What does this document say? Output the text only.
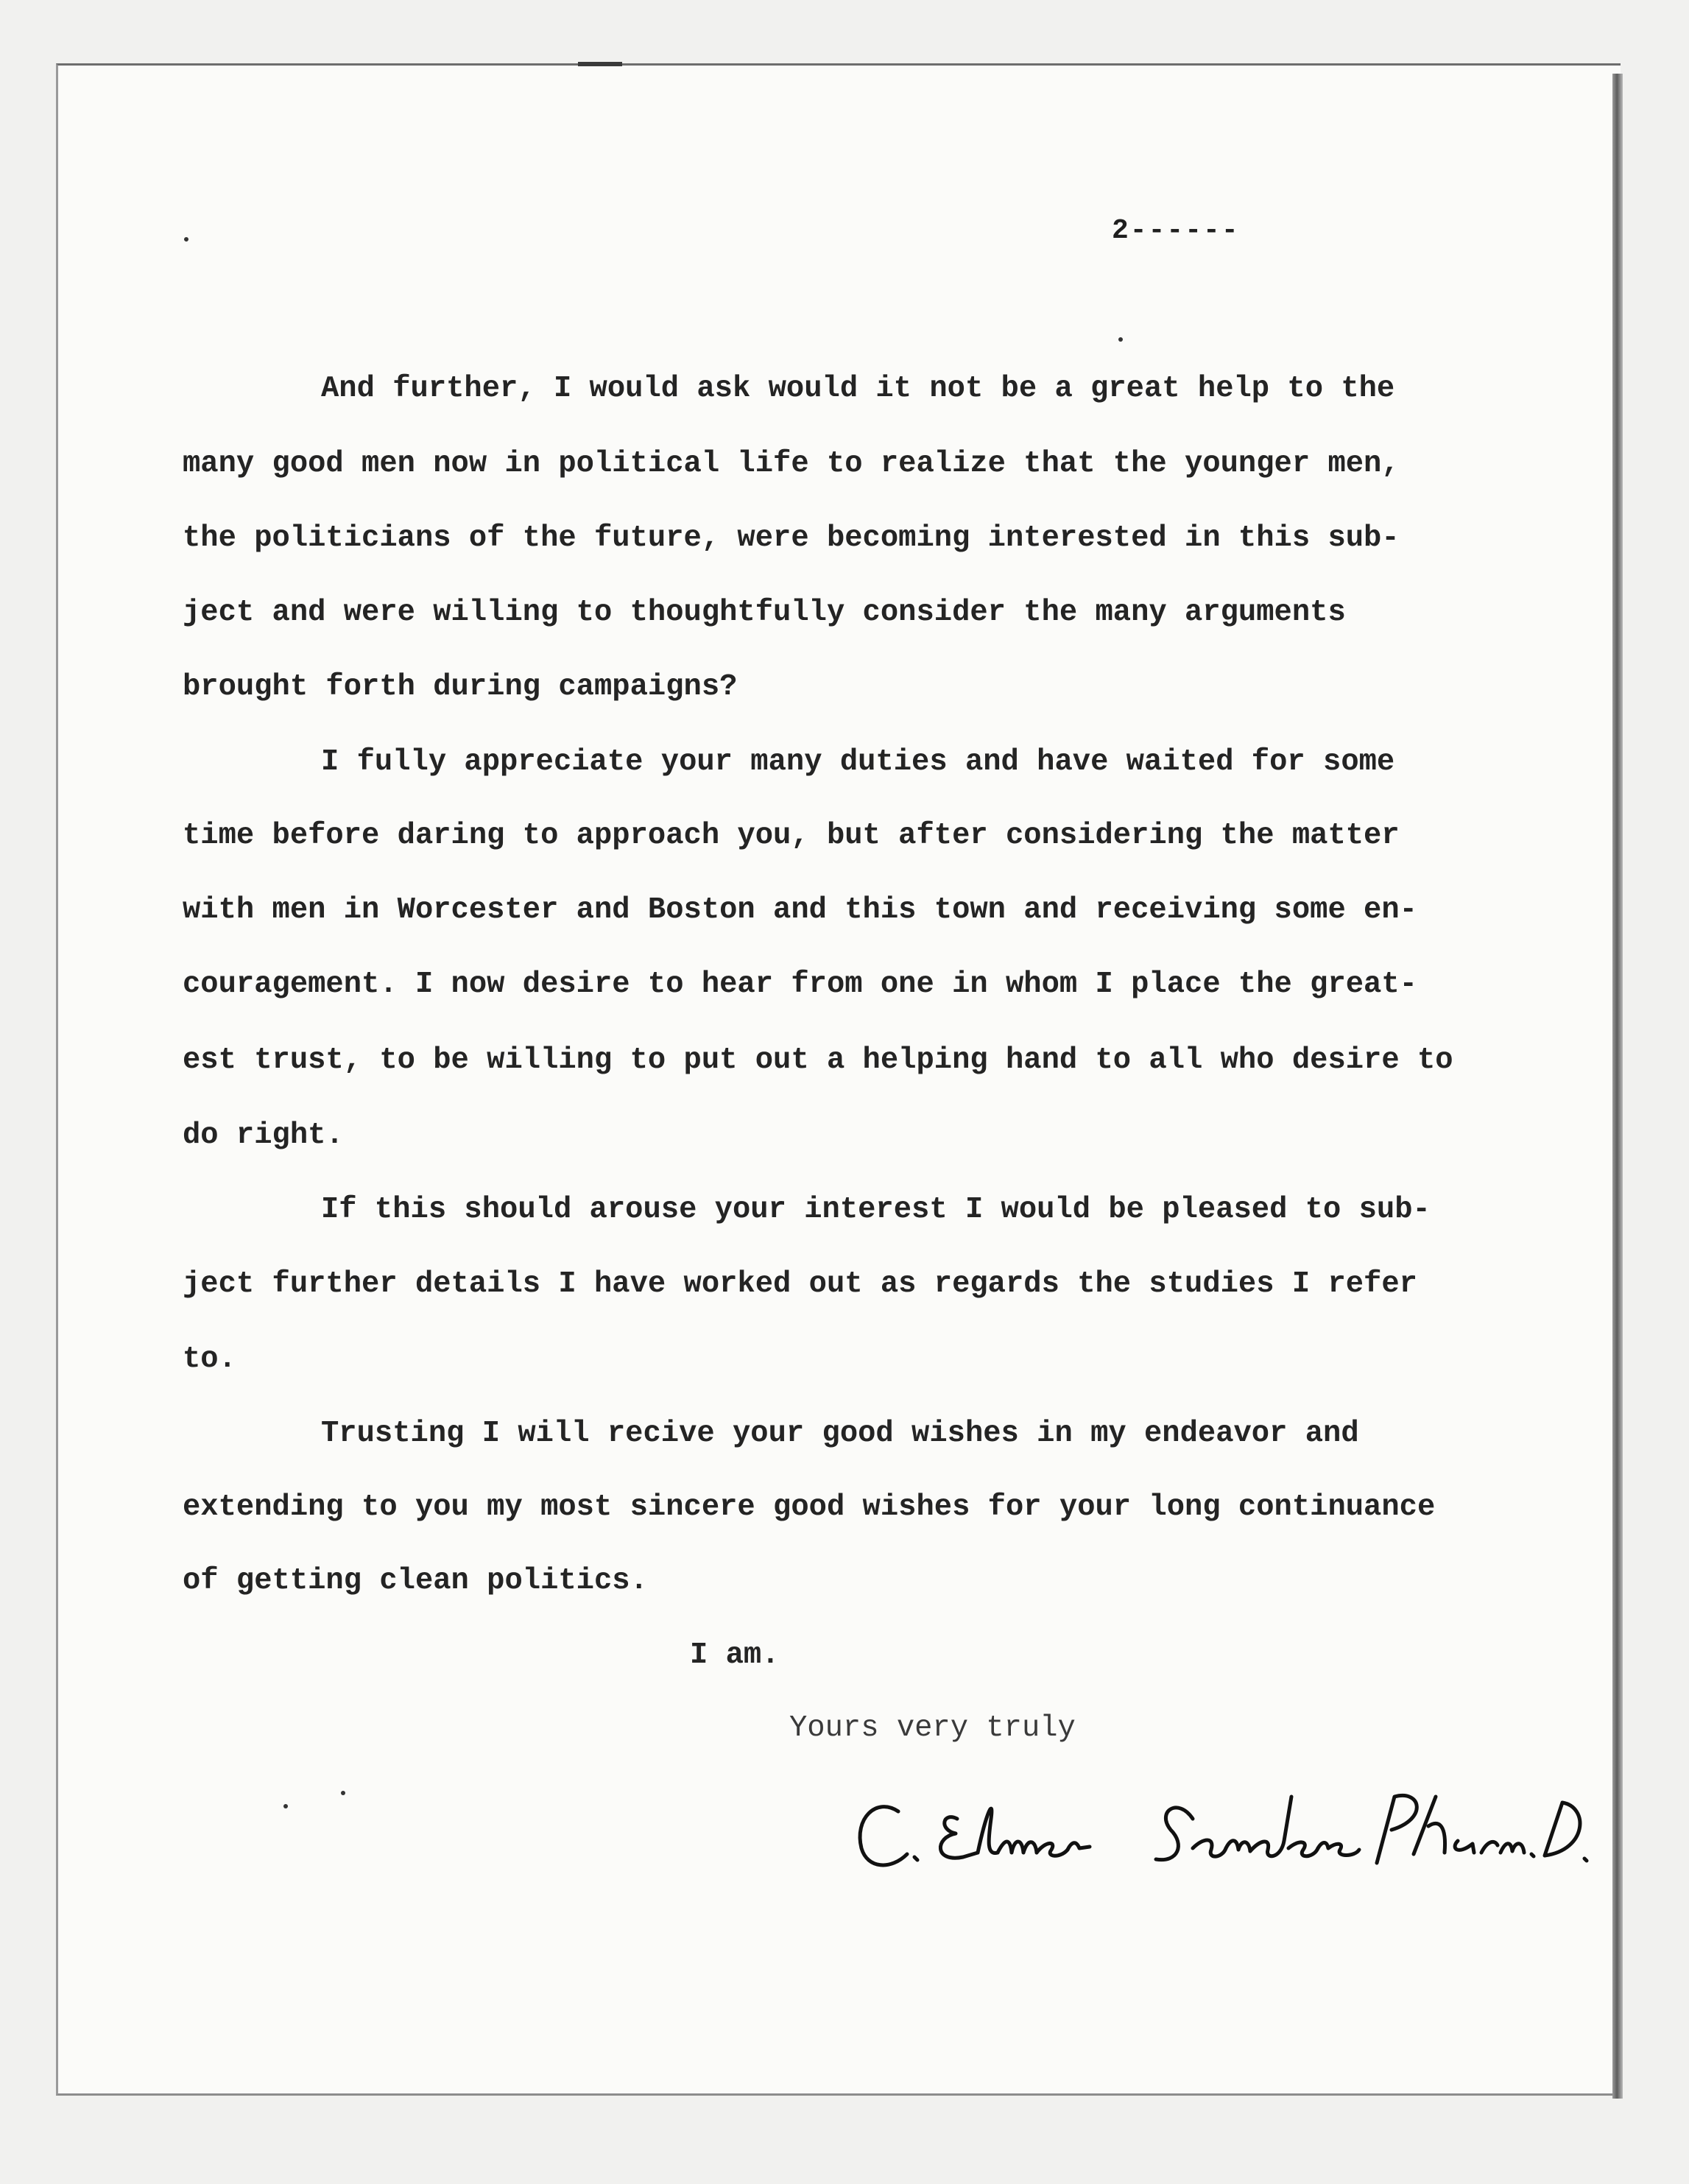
2------
And further, I would ask would it not be a great help to the
many good men now in political life to realize that the younger men,
the politicians of the future, were becoming interested in this sub-
ject and were willing to thoughtfully consider the many arguments
brought forth during campaigns?
I fully appreciate your many duties and have waited for some
time before daring to approach you, but after considering the matter
with men in Worcester and Boston and this town and receiving some en-
couragement. I now desire to hear from one in whom I place the great-
est trust, to be willing to put out a helping hand to all who desire to
do right.
If this should arouse your interest I would be pleased to sub-
ject further details I have worked out as regards the studies I refer
to.
Trusting I will recive your good wishes in my endeavor and
extending to you my most sincere good wishes for your long continuance
of getting clean politics.
I am.
Yours very truly
